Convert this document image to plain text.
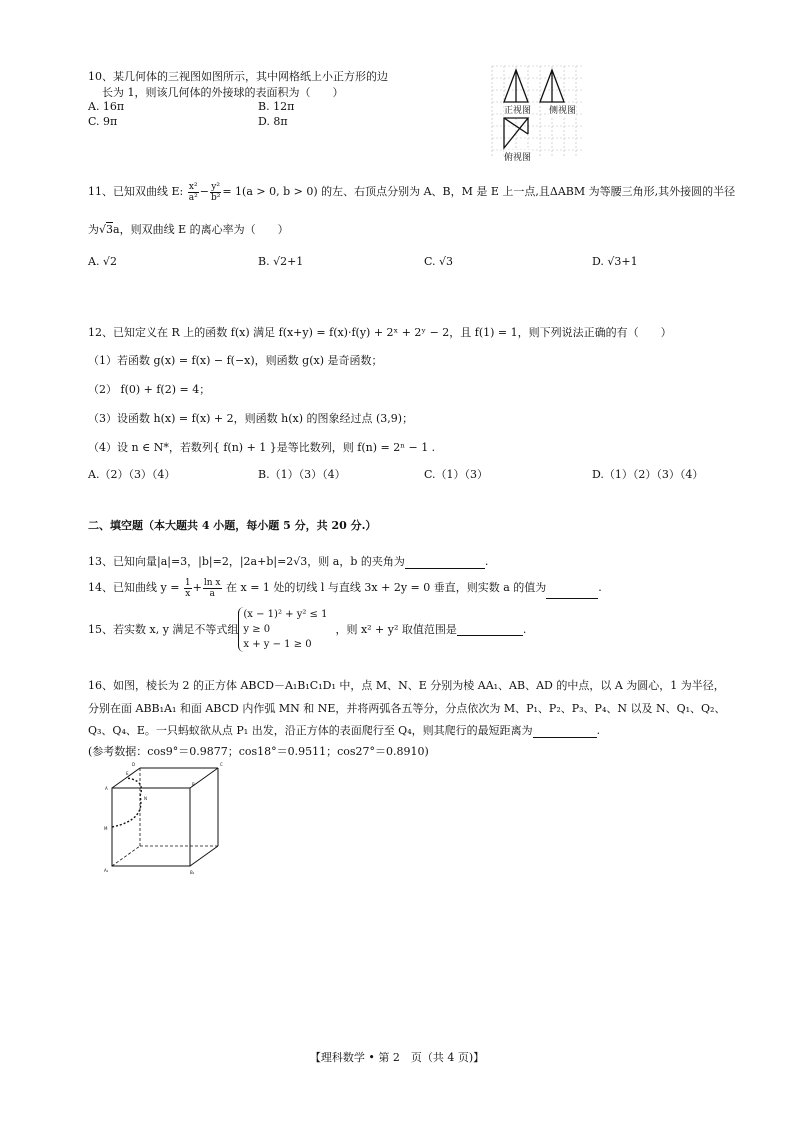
10、某几何体的三视图如图所示，其中网格纸上小正方形的边
长为 1，则该几何体的外接球的表面积为（　　）
A. 16π	B. 12π
C. 9π	D. 8π
正视图 侧视图
俯视图
11、已知双曲线 E: $\frac{\text{x²}}{\text{a²}} - \frac{\text{y²}}{\text{b²}} = 1(a > 0$, b > 0) 的左、右顶点分别为 A、B，M 是 E 上一点,且ΔABM 为等腰三角形,其外接圆的半径
为√3a，则双曲线 E 的离心率为（　　）
A. √2	B. √2+1	C. √3	D. √3+1
12、已知定义在 R 上的函数 f(x) 满足 f(x+y) = f(x)·f(y) + 2ˣ + 2ʸ − 2，且 f(1) = 1，则下列说法正确的有（　　）
（1）若函数 g(x) = f(x) − f(−x)，则函数 g(x) 是奇函数；
（2） f(0) + f(2) = 4；
（3）设函数 h(x) = f(x) + 2，则函数 h(x) 的图象经过点 (3,9)；
（4）设 n ∈ N*，若数列{ f(n) + 1 }是等比数列，则 f(n) = 2ⁿ − 1 .
A.（2）（3）（4）	B.（1）（3）（4）	C.（1）（3）	D.（1）（2）（3）（4）
二、填空题（本大题共 4 小题，每小题 5 分，共 20 分.）
13、已知向量|a|=3，|b|=2，|2a+b|=2√3，则 a，b 的夹角为	.
14、已知曲线 $y = \frac{1}{x} + \frac{\text{ln x}}{a}$ 在 x = 1 处的切线 l 与直线 3x + 2y = 0 垂直，则实数 a 的值为	.
15、若实数 x, y 满足不等式组
(x − 1)² + y² ≤ 1
y ≥ 0
x + y − 1 ≥ 0
，则 x² + y² 取值范围是	.
16、如图，棱长为 2 的正方体 ABCD－A₁B₁C₁D₁ 中，点 M、N、E 分别为棱 AA₁、AB、AD 的中点，以 A 为圆心，1 为半径，
分别在面 ABB₁A₁ 和面 ABCD 内作弧 MN 和 NE，并将两弧各五等分，分点依次为 M、P₁、P₂、P₃、P₄、N 以及 N、Q₁、Q₂、
Q₃、Q₄、E。一只蚂蚁欲从点 P₁ 出发，沿正方体的表面爬行至 Q₄，则其爬行的最短距离为	.
(参考数据：cos9°＝0.9877；cos18°＝0.9511；cos27°＝0.8910)
D	C
A
B
M
N
E
A₁	B₁
【理科数学 • 第 2　页（共 4 页)】
